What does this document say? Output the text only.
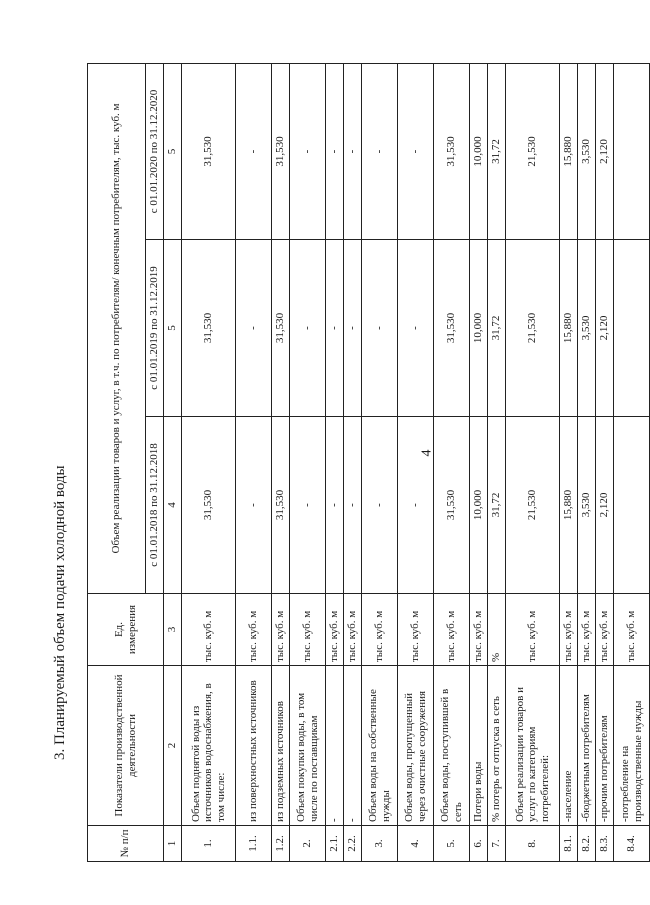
4
3. Планируемый объем подачи холодной воды
№ п/п	Показатели производственной деятельности	Ед. измерения	Объем реализации товаров и услуг, в т.ч. по потребителям/ конечным потребителям, тыс. куб. м		
			с 01.01.2018 по 31.12.2018	с 01.01.2019 по 31.12.2019	с 01.01.2020 по 31.12.2020
1	2	3	4	5	5
1.	Объем поднятой воды из источников водоснабжения, в том числе:	тыс. куб. м	31,530	31,530	31,530
1.1.	из поверхностных источников	тыс. куб. м	-	-	-
1.2.	из подземных источников	тыс. куб. м	31,530	31,530	31,530
2.	Объем покупки воды, в том числе по поставщикам	тыс. куб. м	-	-	-
2.1.	-	тыс. куб. м	-	-	-
2.2.	-	тыс. куб. м	-	-	-
3.	Объем воды на собственные нужды	тыс. куб. м	-	-	-
4.	Объем воды, пропущенный через очистные сооружения	тыс. куб. м	-	-	-
5.	Объем воды, поступившей в сеть	тыс. куб. м	31,530	31,530	31,530
6.	Потери воды	тыс. куб. м	10,000	10,000	10,000
7.	% потерь от отпуска в сеть	%	31,72	31,72	31,72
8.	Объем реализации товаров и услуг по категориям потребителей:	тыс. куб. м	21,530	21,530	21,530
8.1.	-население	тыс. куб. м	15,880	15,880	15,880
8.2.	-бюджетным потребителям	тыс. куб. м	3,530	3,530	3,530
8.3.	-прочим потребителям	тыс. куб. м	2,120	2,120	2,120
8.4.	-потребление на производственные нужды	тыс. куб. м			
